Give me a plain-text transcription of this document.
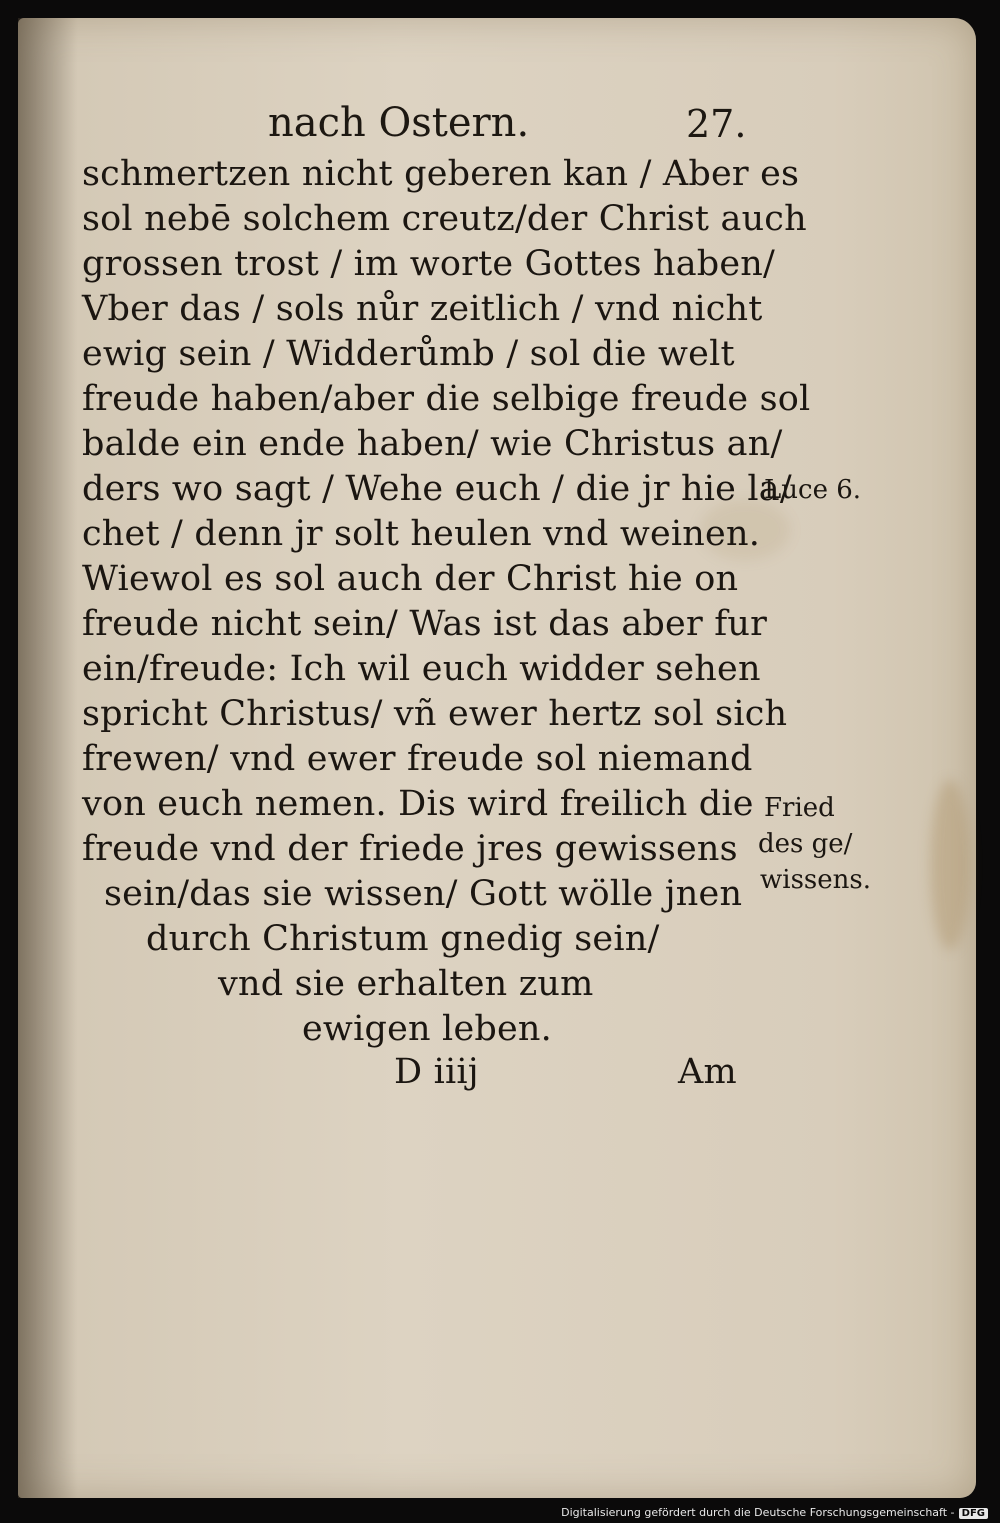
nach Ostern.	27.
schmertzen nicht geberen kan / Aber es
sol nebē solchem creutz/der Christ auch
grossen trost / im worte Gottes haben/
Vber das / sols nůr zeitlich / vnd nicht
ewig sein / Widderůmb / sol die welt
freude haben/aber die selbige freude sol
balde ein ende haben/ wie Christus an/
ders wo sagt / Wehe euch / die jr hie la/
chet / denn jr solt heulen vnd weinen.
Wiewol es sol auch der Christ hie on
freude nicht sein/ Was ist das aber fur
ein/freude: Ich wil euch widder sehen
spricht Christus/ vñ ewer hertz sol sich
frewen/ vnd ewer freude sol niemand
von euch nemen. Dis wird freilich die
freude vnd der friede jres gewissens
sein/das sie wissen/ Gott wölle jnen
durch Christum gnedig sein/
vnd sie erhalten zum
ewigen leben.
Luce 6.
Fried
des ge/
wissens.
D iiij	Am
Digitalisierung gefördert durch die Deutsche Forschungsgemeinschaft - DFG
